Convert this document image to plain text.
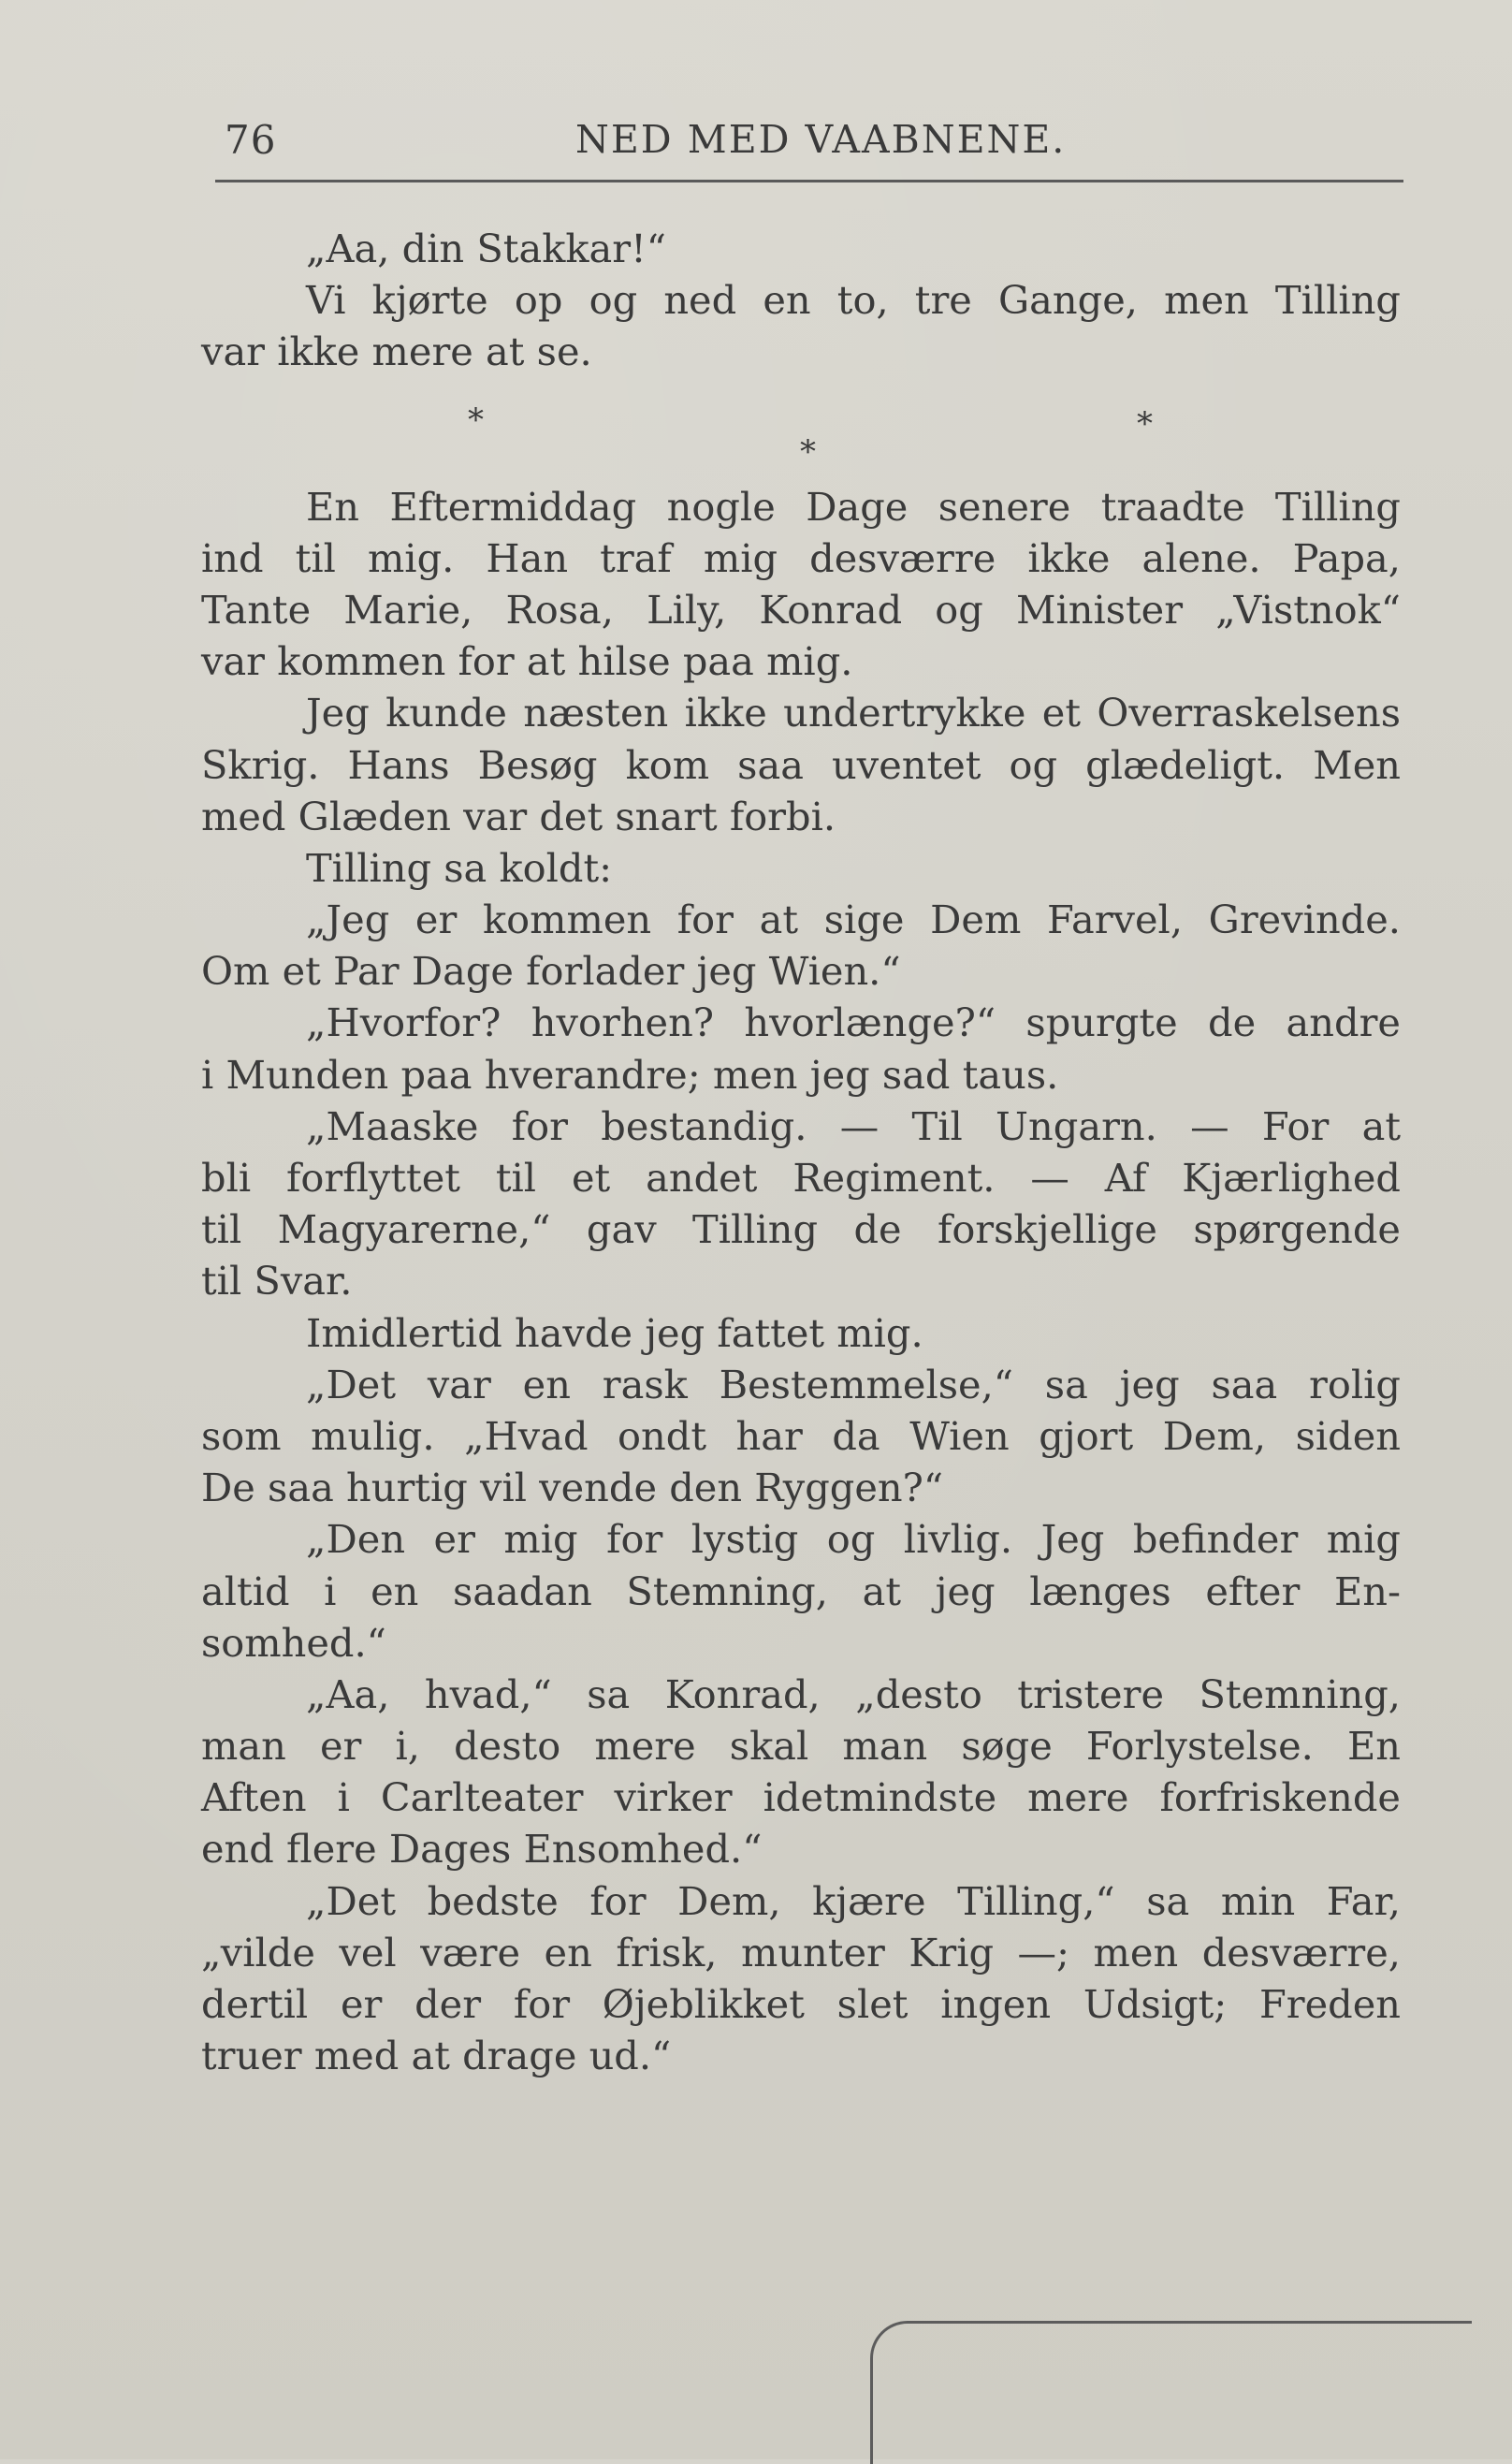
76	NED MED VAABNENE.
„Aa, din Stakkar!“
Vi kjørte op og ned en to, tre Gange, men Tilling
var ikke mere at se.
*
*
*
En Eftermiddag nogle Dage senere traadte Tilling
ind til mig. Han traf mig desværre ikke alene. Papa,
Tante Marie, Rosa, Lily, Konrad og Minister „Vistnok“
var kommen for at hilse paa mig.
Jeg kunde næsten ikke undertrykke et Overraskelsens
Skrig. Hans Besøg kom saa uventet og glædeligt. Men
med Glæden var det snart forbi.
Tilling sa koldt:
„Jeg er kommen for at sige Dem Farvel, Grevinde.
Om et Par Dage forlader jeg Wien.“
„Hvorfor? hvorhen? hvorlænge?“ spurgte de andre
i Munden paa hverandre; men jeg sad taus.
„Maaske for bestandig. — Til Ungarn. — For at
bli forflyttet til et andet Regiment. — Af Kjærlighed
til Magyarerne,“ gav Tilling de forskjellige spørgende
til Svar.
Imidlertid havde jeg fattet mig.
„Det var en rask Bestemmelse,“ sa jeg saa rolig
som mulig. „Hvad ondt har da Wien gjort Dem, siden
De saa hurtig vil vende den Ryggen?“
„Den er mig for lystig og livlig. Jeg befinder mig
altid i en saadan Stemning, at jeg længes efter En-
somhed.“
„Aa, hvad,“ sa Konrad, „desto tristere Stemning,
man er i, desto mere skal man søge Forlystelse. En
Aften i Carlteater virker idetmindste mere forfriskende
end flere Dages Ensomhed.“
„Det bedste for Dem, kjære Tilling,“ sa min Far,
„vilde vel være en frisk, munter Krig —; men desværre,
dertil er der for Øjeblikket slet ingen Udsigt; Freden
truer med at drage ud.“
